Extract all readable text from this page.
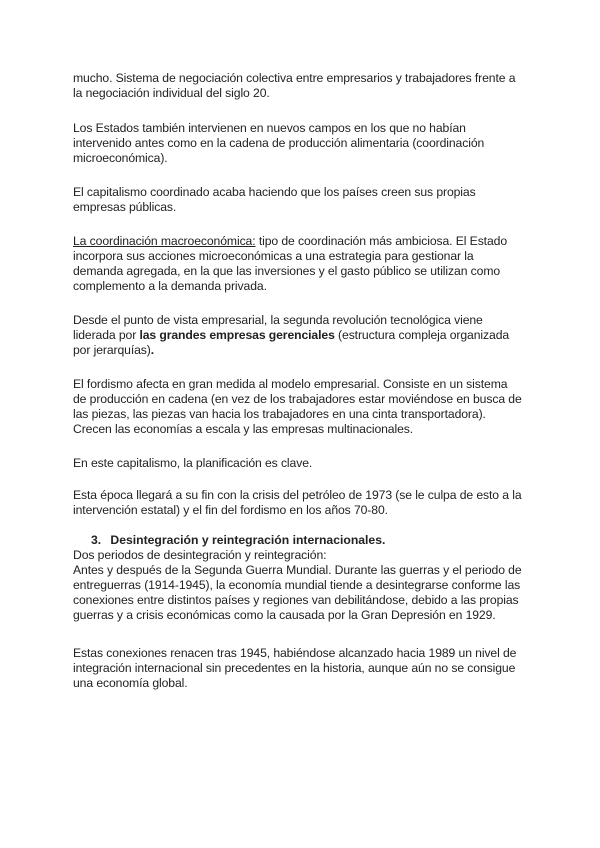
mucho. Sistema de negociación colectiva entre empresarios y trabajadores frente a
la negociación individual del siglo 20.
Los Estados también intervienen en nuevos campos en los que no habían
intervenido antes como en la cadena de producción alimentaria (coordinación
microeconómica).
El capitalismo coordinado acaba haciendo que los países creen sus propias
empresas públicas.
La coordinación macroeconómica: tipo de coordinación más ambiciosa. El Estado
incorpora sus acciones microeconómicas a una estrategia para gestionar la
demanda agregada, en la que las inversiones y el gasto público se utilizan como
complemento a la demanda privada.
Desde el punto de vista empresarial, la segunda revolución tecnológica viene
liderada por las grandes empresas gerenciales (estructura compleja organizada
por jerarquías).
El fordismo afecta en gran medida al modelo empresarial. Consiste en un sistema
de producción en cadena (en vez de los trabajadores estar moviéndose en busca de
las piezas, las piezas van hacia los trabajadores en una cinta transportadora).
Crecen las economías a escala y las empresas multinacionales.
En este capitalismo, la planificación es clave.
Esta época llegará a su fin con la crisis del petróleo de 1973 (se le culpa de esto a la
intervención estatal) y el fin del fordismo en los años 70-80.
3. Desintegración y reintegración internacionales.
Dos periodos de desintegración y reintegración:
Antes y después de la Segunda Guerra Mundial. Durante las guerras y el periodo de
entreguerras (1914-1945), la economía mundial tiende a desintegrarse conforme las
conexiones entre distintos países y regiones van debilitándose, debido a las propias
guerras y a crisis económicas como la causada por la Gran Depresión en 1929.
Estas conexiones renacen tras 1945, habiéndose alcanzado hacia 1989 un nivel de
integración internacional sin precedentes en la historia, aunque aún no se consigue
una economía global.
